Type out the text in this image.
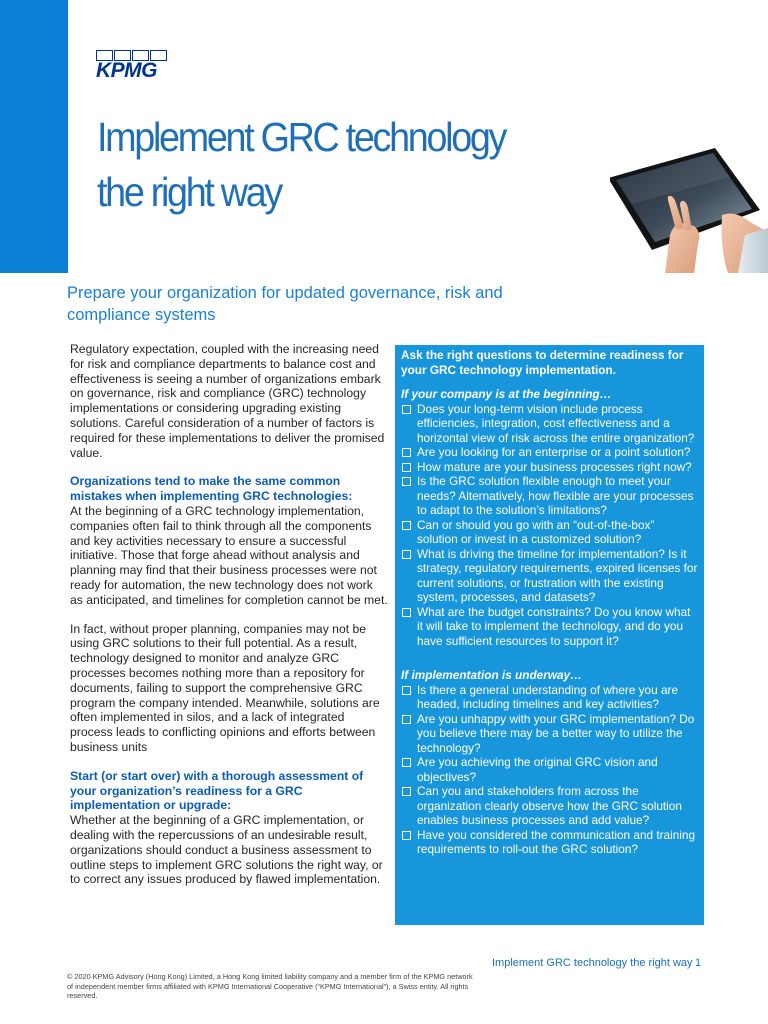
KPMG
Implement GRC technology the right way
Prepare your organization for updated governance, risk and compliance systems

Regulatory expectation, coupled with the increasing need for risk and compliance departments to balance cost and effectiveness is seeing a number of organizations embark on governance, risk and compliance (GRC) technology implementations or considering upgrading existing solutions. Careful consideration of a number of factors is required for these implementations to deliver the promised value.

Organizations tend to make the same common mistakes when implementing GRC technologies:

At the beginning of a GRC technology implementation, companies often fail to think through all the components and key activities necessary to ensure a successful initiative. Those that forge ahead without analysis and planning may find that their business processes were not ready for automation, the new technology does not work as anticipated, and timelines for completion cannot be met.

In fact, without proper planning, companies may not be using GRC solutions to their full potential. As a result, technology designed to monitor and analyze GRC processes becomes nothing more than a repository for documents, failing to support the comprehensive GRC program the company intended. Meanwhile, solutions are often implemented in silos, and a lack of integrated process leads to conflicting opinions and efforts between business units

Start (or start over) with a thorough assessment of your organization’s readiness for a GRC implementation or upgrade:

Whether at the beginning of a GRC implementation, or dealing with the repercussions of an undesirable result, organizations should conduct a business assessment to outline steps to implement GRC solutions the right way, or to correct any issues produced by flawed implementation.

Ask the right questions to determine readiness for your GRC technology implementation.
If your company is at the beginning…
Does your long-term vision include process efficiencies, integration, cost effectiveness and a horizontal view of risk across the entire organization?
Are you looking for an enterprise or a point solution?
How mature are your business processes right now?
Is the GRC solution flexible enough to meet your needs? Alternatively, how flexible are your processes to adapt to the solution’s limitations?
Can or should you go with an “out-of-the-box” solution or invest in a customized solution?
What is driving the timeline for implementation? Is it strategy, regulatory requirements, expired licenses for current solutions, or frustration with the existing system, processes, and datasets?
What are the budget constraints? Do you know what it will take to implement the technology, and do you have sufficient resources to support it?
If implementation is underway…
Is there a general understanding of where you are headed, including timelines and key activities?
Are you unhappy with your GRC implementation? Do you believe there may be a better way to utilize the technology?
Are you achieving the original GRC vision and objectives?
Can you and stakeholders from across the organization clearly observe how the GRC solution enables business processes and add value?
Have you considered the communication and training requirements to roll-out the GRC solution?
Implement GRC technology the right way 1
© 2020 KPMG Advisory (Hong Kong) Limited, a Hong Kong limited liability company and a member firm of the KPMG network of independent member firms affiliated with KPMG International Cooperative (“KPMG International”), a Swiss entity. All rights reserved.
